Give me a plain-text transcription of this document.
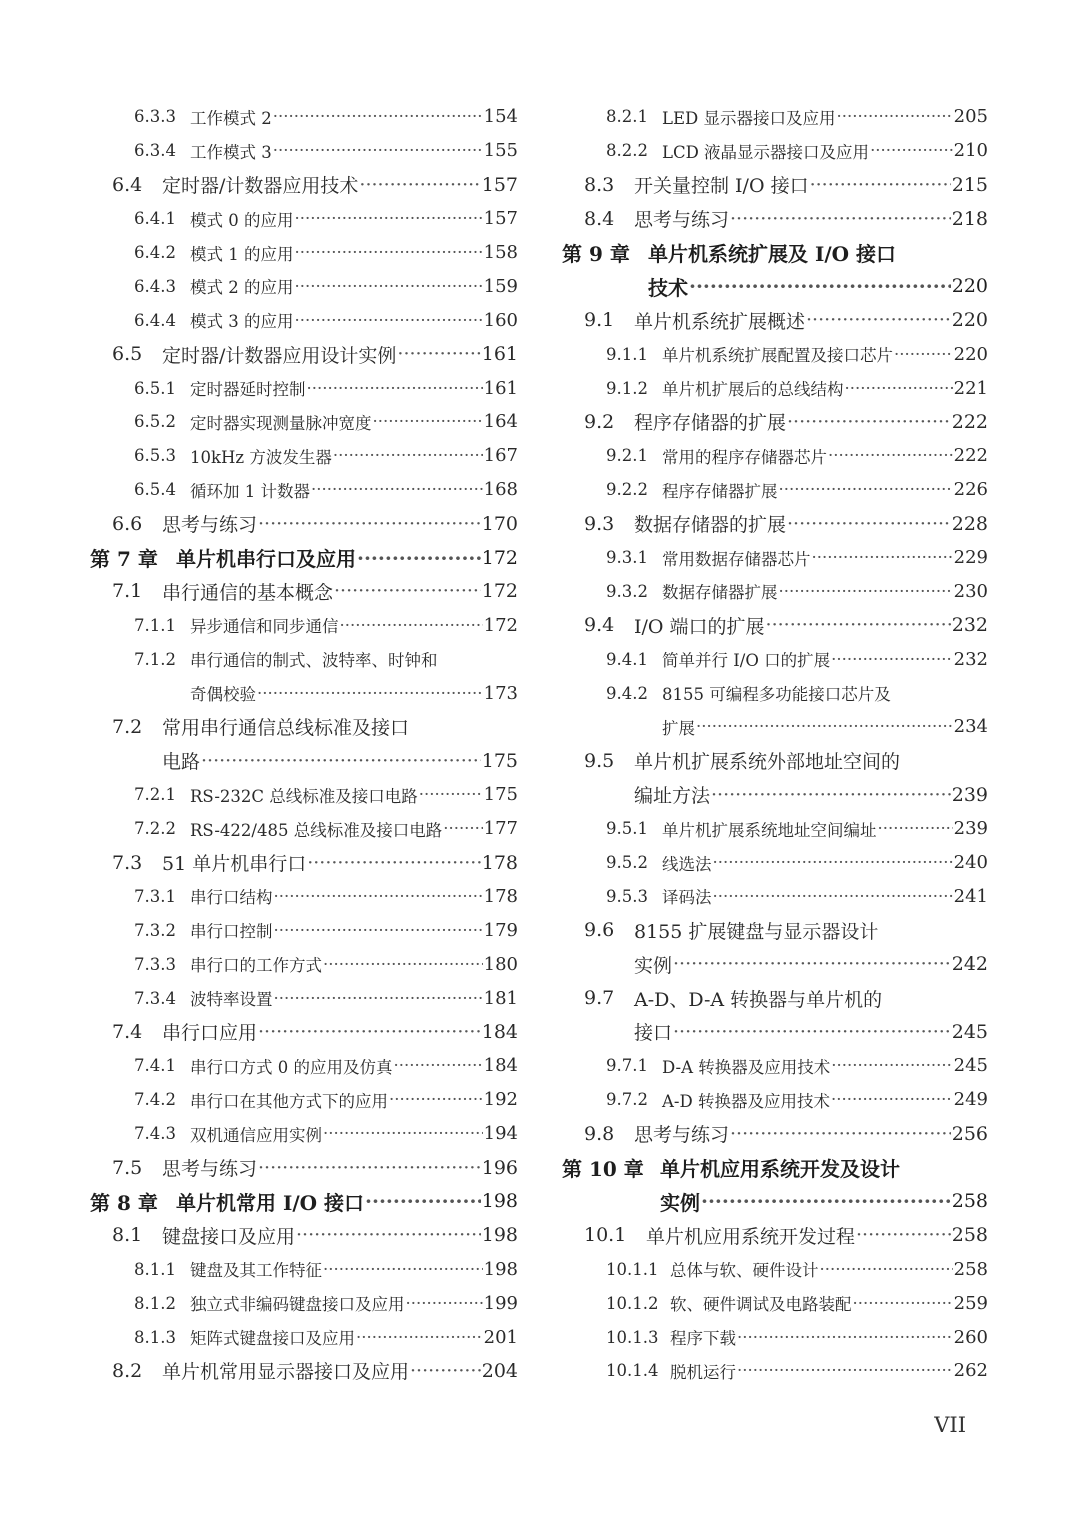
6.3.3 工作模式 2 ·····	154
6.3.4 工作模式 3 ·····	155
6.4	定时器/计数器应用技术 ·····	157
6.4.1 模式 0 的应用 ·····	157
6.4.2 模式 1 的应用 ·····	158
6.4.3 模式 2 的应用 ·····	159
6.4.4 模式 3 的应用 ·····	160
6.5	定时器/计数器应用设计实例 ·····	161
6.5.1 定时器延时控制 ·····	161
6.5.2 定时器实现测量脉冲宽度 ·····	164
6.5.3 10kHz 方波发生器 ·····	167
6.5.4 循环加 1 计数器 ·····	168
6.6	思考与练习 ·····	170
第 7 章 单片机串行口及应用 ·····	172
7.1	串行通信的基本概念 ·····	172
7.1.1 异步通信和同步通信 ·····	172
7.1.2 串行通信的制式、波特率、时钟和
奇偶校验 ·····	173
7.2	常用串行通信总线标准及接口
电路 ·····	175
7.2.1 RS-232C 总线标准及接口电路 ·····	175
7.2.2 RS-422/485 总线标准及接口电路 ····· 177
7.3	51 单片机串行口 ·····	178
7.3.1 串行口结构 ·····	178
7.3.2 串行口控制 ·····	179
7.3.3 串行口的工作方式 ·····	180
7.3.4 波特率设置 ·····	181
7.4	串行口应用 ·····	184
7.4.1 串行口方式 0 的应用及仿真 ·····	184
7.4.2 串行口在其他方式下的应用 ·····	192
7.4.3 双机通信应用实例 ·····	194
7.5	思考与练习 ·····	196
第 8 章 单片机常用 I/O 接口 ·····	198
8.1	键盘接口及应用 ·····	198
8.1.1 键盘及其工作特征 ·····	198
8.1.2 独立式非编码键盘接口及应用 ·····	199
8.1.3 矩阵式键盘接口及应用 ·····	201
8.2	单片机常用显示器接口及应用 ·····	204
8.2.1 LED 显示器接口及应用 ·····	205
8.2.2 LCD 液晶显示器接口及应用 ·····	210
8.3	开关量控制 I/O 接口 ·····	215
8.4	思考与练习 ·····	218
第 9 章 单片机系统扩展及 I/O 接口
技术 ·····	220
9.1	单片机系统扩展概述 ·····	220
9.1.1 单片机系统扩展配置及接口芯片 ·····	220
9.1.2 单片机扩展后的总线结构 ·····	221
9.2	程序存储器的扩展 ·····	222
9.2.1 常用的程序存储器芯片 ·····	222
9.2.2 程序存储器扩展 ·····	226
9.3	数据存储器的扩展 ·····	228
9.3.1 常用数据存储器芯片 ·····	229
9.3.2 数据存储器扩展 ·····	230
9.4	I/O 端口的扩展 ·····	232
9.4.1 简单并行 I/O 口的扩展 ·····	232
9.4.2 8155 可编程多功能接口芯片及
扩展 ·····	234
9.5	单片机扩展系统外部地址空间的
编址方法 ·····	239
9.5.1 单片机扩展系统地址空间编址 ·····	239
9.5.2 线选法 ·····	240
9.5.3 译码法 ·····	241
9.6	8155 扩展键盘与显示器设计
实例 ·····	242
9.7	A-D、D-A 转换器与单片机的
接口 ·····	245
9.7.1 D-A 转换器及应用技术 ·····	245
9.7.2 A-D 转换器及应用技术 ·····	249
9.8	思考与练习 ·····	256
第 10 章 单片机应用系统开发及设计
实例 ·····	258
10.1	单片机应用系统开发过程 ·····	258
10.1.1 总体与软、硬件设计 ·····	258
10.1.2 软、硬件调试及电路装配 ·····	259
10.1.3 程序下载 ·····	260
10.1.4 脱机运行 ·····	262
VII
